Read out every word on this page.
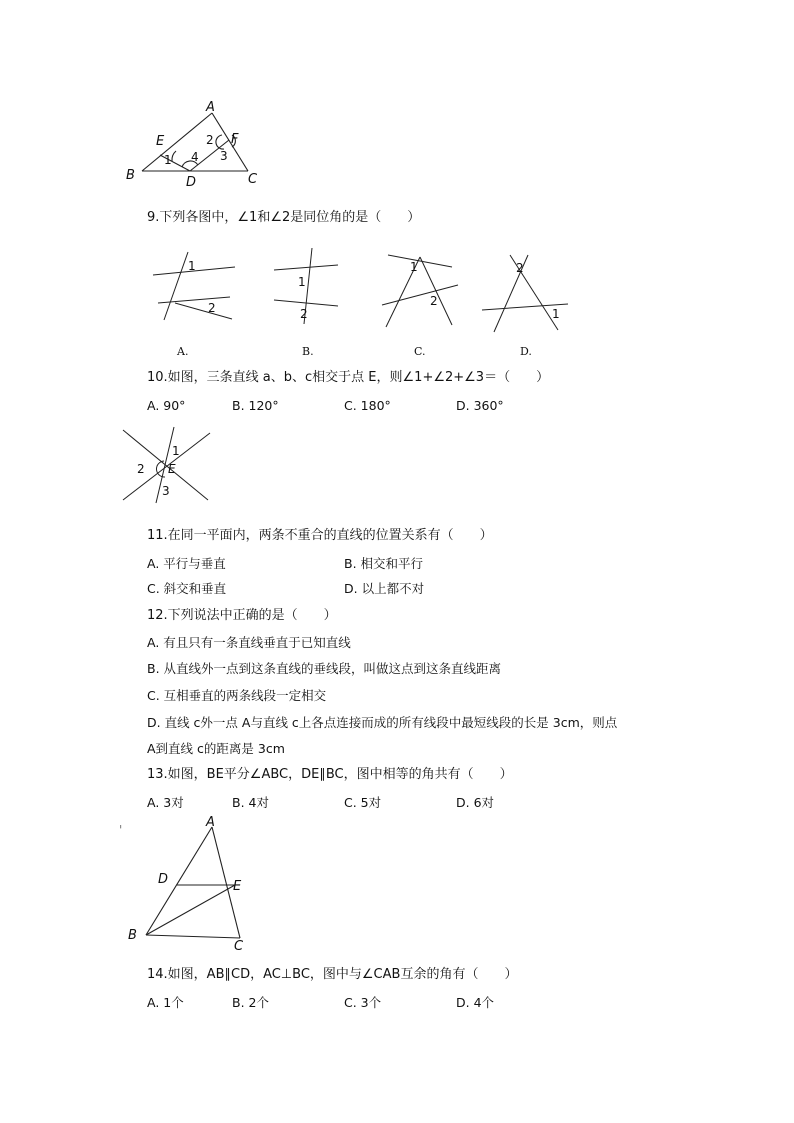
A
B	C
D
E	F
1
2
3
4
9.下列各图中，∠1和∠2是同位角的是（　　）
1
2
A.
1
2
B.
1
2
C.
2
1
D.
10.如图，三条直线 a、b、c相交于点 E，则∠1+∠2+∠3＝（　　）
A. 90°	B. 120°	C. 180°	D. 360°
1
2
3
E
11.在同一平面内，两条不重合的直线的位置关系有（　　）
A. 平行与垂直	B. 相交和平行
C. 斜交和垂直	D. 以上都不对
12.下列说法中正确的是（　　）
A. 有且只有一条直线垂直于已知直线
B. 从直线外一点到这条直线的垂线段，叫做这点到这条直线距离
C. 互相垂直的两条线段一定相交
D. 直线 c外一点 A与直线 c上各点连接而成的所有线段中最短线段的长是 3cm，则点
A到直线 c的距离是 3cm
13.如图，BE平分∠ABC，DE∥BC，图中相等的角共有（　　）
A. 3对	B. 4对	C. 5对	D. 6对
'	A
B
C
D	E
14.如图，AB∥CD，AC⊥BC，图中与∠CAB互余的角有（　　）
A. 1个	B. 2个	C. 3个	D. 4个
